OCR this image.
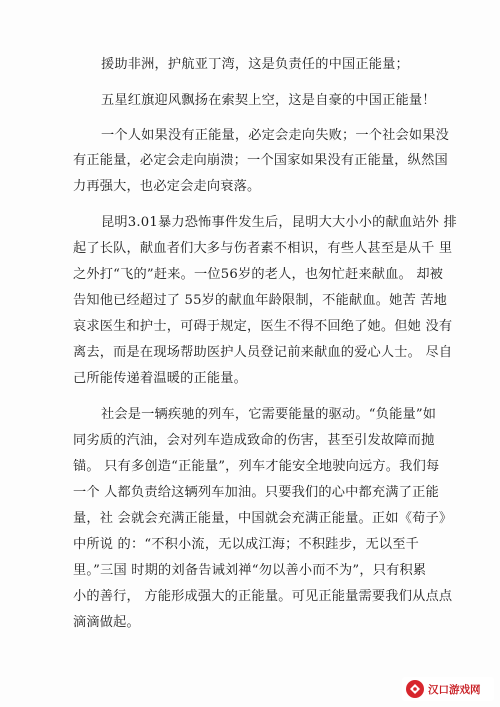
援助非洲，护航亚丁湾，这是负责任的中国正能量；
五星红旗迎风飘扬在索契上空，这是自豪的中国正能量！
一个人如果没有正能量，必定会走向失败；一个社会如果没
有正能量，必定会走向崩溃；一个国家如果没有正能量，纵然国
力再强大，也必定会走向衰落。
昆明3.01暴力恐怖事件发生后，昆明大大小小的献血站外 排
起了长队，献血者们大多与伤者素不相识，有些人甚至是从千 里
之外打“飞的”赶来。一位56岁的老人，也匆忙赶来献血。 却被
告知他已经超过了 55岁的献血年龄限制，不能献血。她苦 苦地
哀求医生和护士，可碍于规定，医生不得不回绝了她。但她 没有
离去，而是在现场帮助医护人员登记前来献血的爱心人士。 尽自
己所能传递着温暖的正能量。
社会是一辆疾驰的列车，它需要能量的驱动。“负能量”如
同劣质的汽油，会对列车造成致命的伤害，甚至引发故障而抛
锚。 只有多创造“正能量”，列车才能安全地驶向远方。我们每
一个 人都负责给这辆列车加油。只要我们的心中都充满了正能
量，社 会就会充满正能量，中国就会充满正能量。正如《荀子》
中所说 的：“不积小流，无以成江海；不积跬步，无以至千
里。”三国 时期的刘备告诫刘禅“勿以善小而不为”，只有积累
小的善行， 方能形成强大的正能量。可见正能量需要我们从点点
滴滴做起。
汉口游戏网
